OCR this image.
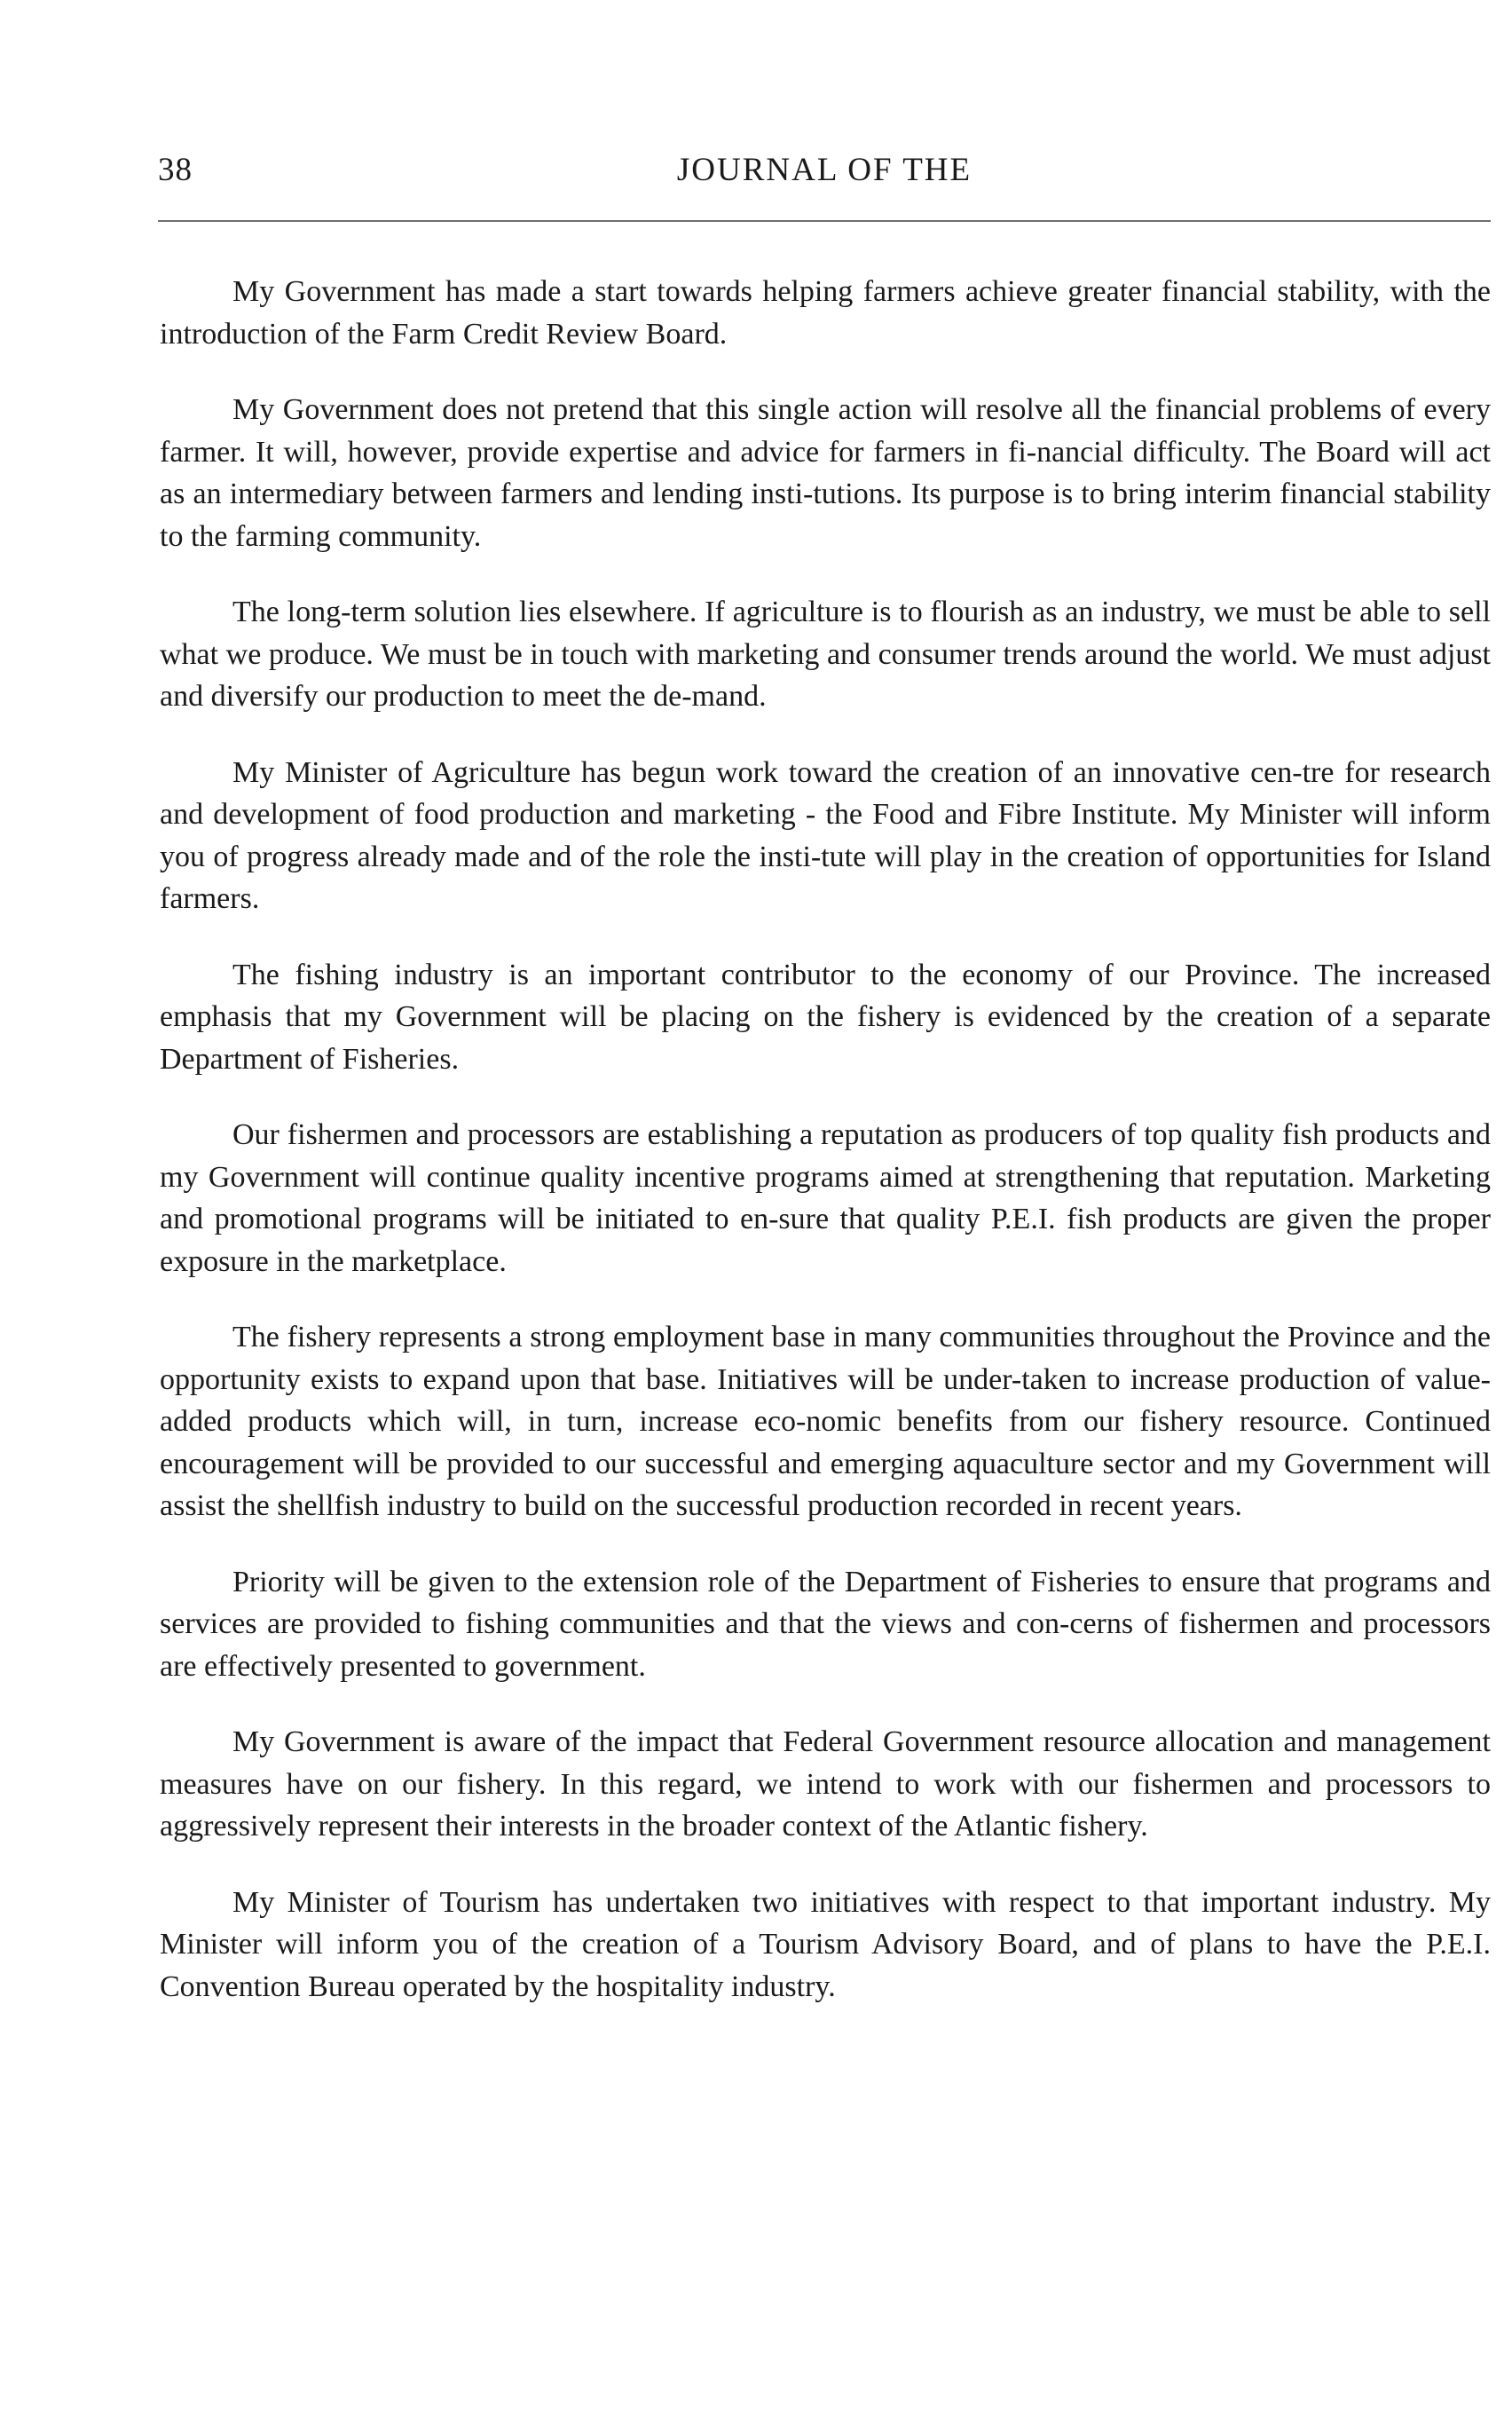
38	JOURNAL OF THE

My Government has made a start towards helping farmers achieve greater financial stability, with the introduction of the Farm Credit Review Board.

My Government does not pretend that this single action will resolve all the financial problems of every farmer. It will, however, provide expertise and advice for farmers in fi-nancial difficulty. The Board will act as an intermediary between farmers and lending insti-tutions. Its purpose is to bring interim financial stability to the farming community.

The long-term solution lies elsewhere. If agriculture is to flourish as an industry, we must be able to sell what we produce. We must be in touch with marketing and consumer trends around the world. We must adjust and diversify our production to meet the de-mand.

My Minister of Agriculture has begun work toward the creation of an innovative cen-tre for research and development of food production and marketing - the Food and Fibre Institute. My Minister will inform you of progress already made and of the role the insti-tute will play in the creation of opportunities for Island farmers.

The fishing industry is an important contributor to the economy of our Province. The increased emphasis that my Government will be placing on the fishery is evidenced by the creation of a separate Department of Fisheries.

Our fishermen and processors are establishing a reputation as producers of top quality fish products and my Government will continue quality incentive programs aimed at strengthening that reputation. Marketing and promotional programs will be initiated to en-sure that quality P.E.I. fish products are given the proper exposure in the marketplace.

The fishery represents a strong employment base in many communities throughout the Province and the opportunity exists to expand upon that base. Initiatives will be under-taken to increase production of value-added products which will, in turn, increase eco-nomic benefits from our fishery resource. Continued encouragement will be provided to our successful and emerging aquaculture sector and my Government will assist the shellfish industry to build on the successful production recorded in recent years.

Priority will be given to the extension role of the Department of Fisheries to ensure that programs and services are provided to fishing communities and that the views and con-cerns of fishermen and processors are effectively presented to government.

My Government is aware of the impact that Federal Government resource allocation and management measures have on our fishery. In this regard, we intend to work with our fishermen and processors to aggressively represent their interests in the broader context of the Atlantic fishery.

My Minister of Tourism has undertaken two initiatives with respect to that important industry. My Minister will inform you of the creation of a Tourism Advisory Board, and of plans to have the P.E.I. Convention Bureau operated by the hospitality industry.
